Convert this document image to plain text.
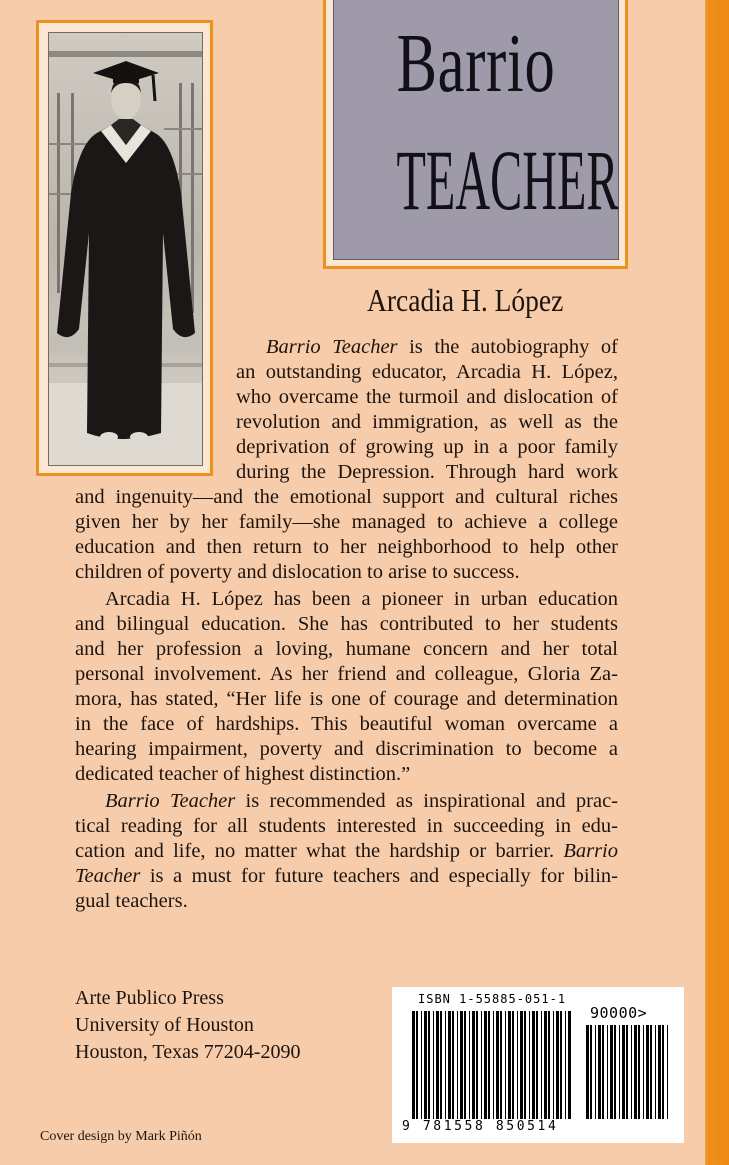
Barrio
TEACHER
Arcadia H. López
Barrio Teacher is the autobiography of
an outstanding educator, Arcadia H. López,
who overcame the turmoil and dislocation of
revolution and immigration, as well as the
deprivation of growing up in a poor family
during the Depression. Through hard work
and ingenuity—and the emotional support and cultural riches
given her by her family—she managed to achieve a college
education and then return to her neighborhood to help other
children of poverty and dislocation to arise to success.
Arcadia H. López has been a pioneer in urban education
and bilingual education. She has contributed to her students
and her profession a loving, humane concern and her total
personal involvement. As her friend and colleague, Gloria Za-
mora, has stated, “Her life is one of courage and determination
in the face of hardships. This beautiful woman overcame a
hearing impairment, poverty and discrimination to become a
dedicated teacher of highest distinction.”
Barrio Teacher is recommended as inspirational and prac-
tical reading for all students interested in succeeding in edu-
cation and life, no matter what the hardship or barrier. Barrio
Teacher is a must for future teachers and especially for bilin-
gual teachers.
Arte Publico Press
University of Houston
Houston, Texas 77204-2090
Cover design by Mark Piñón
ISBN 1-55885-051-1
90000>
9 781558 850514
